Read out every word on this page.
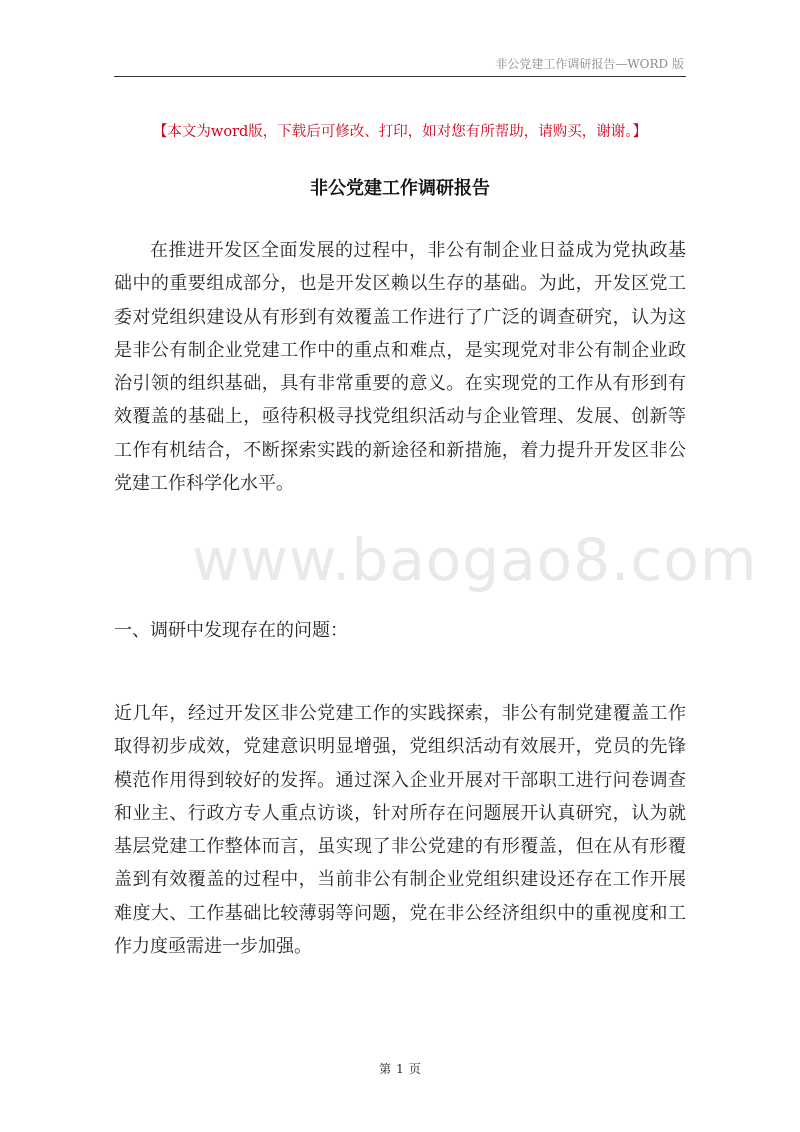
非公党建工作调研报告—WORD 版
【本文为word版，下载后可修改、打印，如对您有所帮助，请购买，谢谢。】
非公党建工作调研报告

在推进开发区全面发展的过程中，非公有制企业日益成为党执政基础中的重要组成部分，也是开发区赖以生存的基础。为此，开发区党工委对党组织建设从有形到有效覆盖工作进行了广泛的调查研究，认为这是非公有制企业党建工作中的重点和难点，是实现党对非公有制企业政治引领的组织基础，具有非常重要的意义。在实现党的工作从有形到有效覆盖的基础上，亟待积极寻找党组织活动与企业管理、发展、创新等工作有机结合，不断探索实践的新途径和新措施，着力提升开发区非公党建工作科学化水平。

www.baogao8.com

一、调研中发现存在的问题：

近几年，经过开发区非公党建工作的实践探索，非公有制党建覆盖工作取得初步成效，党建意识明显增强，党组织活动有效展开，党员的先锋模范作用得到较好的发挥。通过深入企业开展对干部职工进行问卷调查和业主、行政方专人重点访谈，针对所存在问题展开认真研究，认为就基层党建工作整体而言，虽实现了非公党建的有形覆盖，但在从有形覆盖到有效覆盖的过程中，当前非公有制企业党组织建设还存在工作开展难度大、工作基础比较薄弱等问题，党在非公经济组织中的重视度和工作力度亟需进一步加强。

第 1 页
